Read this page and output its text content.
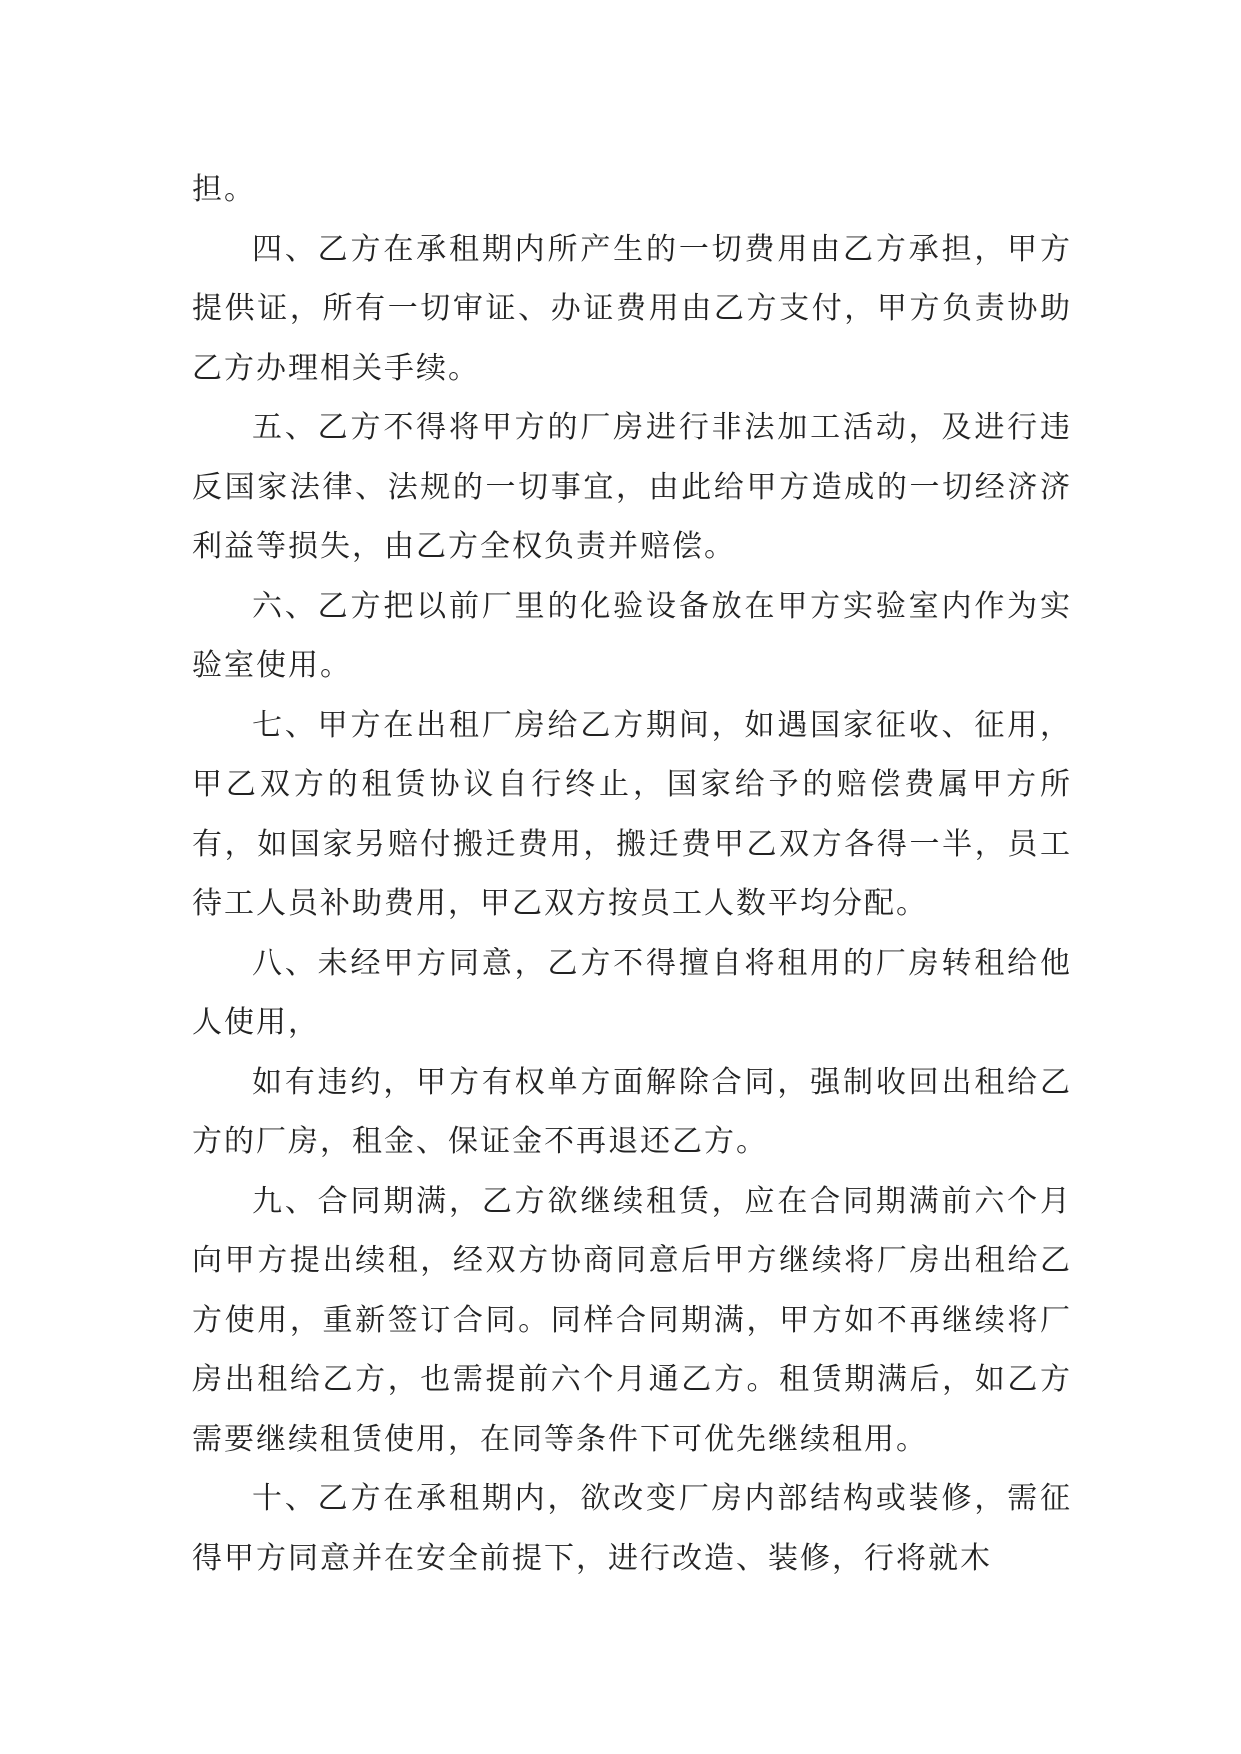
担。

四、乙方在承租期内所产生的一切费用由乙方承担，甲方提供证，所有一切审证、办证费用由乙方支付，甲方负责协助乙方办理相关手续。

五、乙方不得将甲方的厂房进行非法加工活动，及进行违反国家法律、法规的一切事宜，由此给甲方造成的一切经济济利益等损失，由乙方全权负责并赔偿。

六、乙方把以前厂里的化验设备放在甲方实验室内作为实验室使用。

七、甲方在出租厂房给乙方期间，如遇国家征收、征用，甲乙双方的租赁协议自行终止，国家给予的赔偿费属甲方所有，如国家另赔付搬迁费用，搬迁费甲乙双方各得一半，员工待工人员补助费用，甲乙双方按员工人数平均分配。

八、未经甲方同意，乙方不得擅自将租用的厂房转租给他人使用，

如有违约，甲方有权单方面解除合同，强制收回出租给乙方的厂房，租金、保证金不再退还乙方。

九、合同期满，乙方欲继续租赁，应在合同期满前六个月向甲方提出续租，经双方协商同意后甲方继续将厂房出租给乙方使用，重新签订合同。同样合同期满，甲方如不再继续将厂房出租给乙方，也需提前六个月通乙方。租赁期满后，如乙方需要继续租赁使用，在同等条件下可优先继续租用。

十、乙方在承租期内，欲改变厂房内部结构或装修，需征得甲方同意并在安全前提下，进行改造、装修，行将就木
